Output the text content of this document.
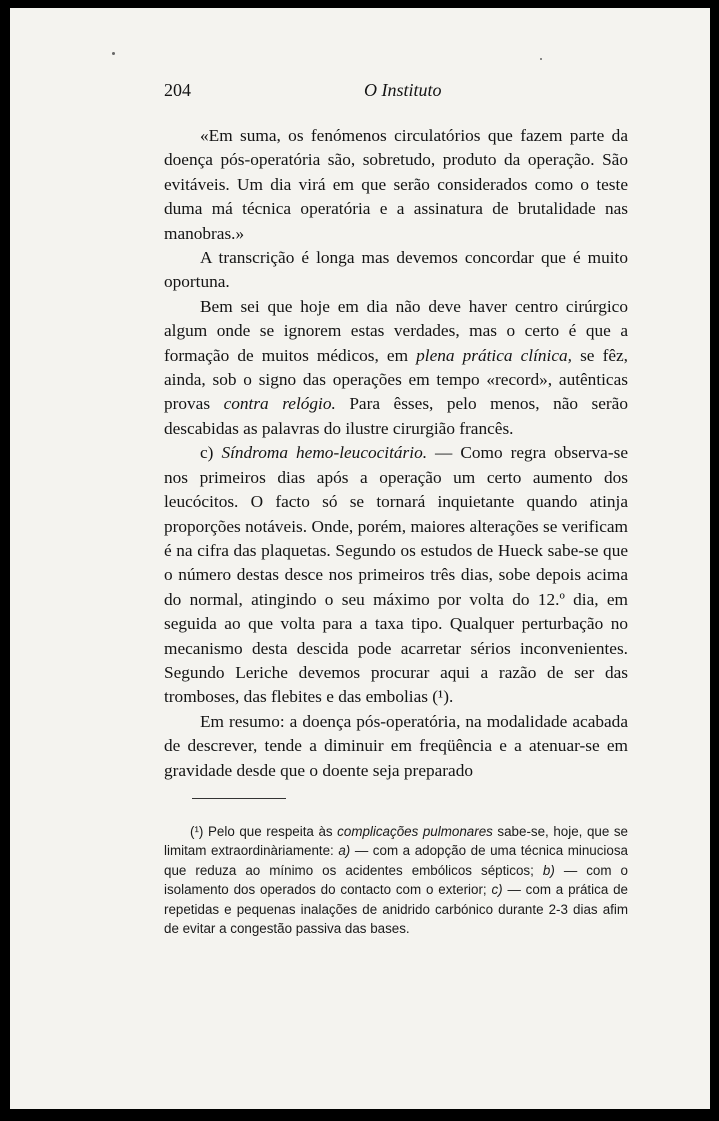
204	O Instituto

«Em suma, os fenómenos circulatórios que fazem parte da doença pós-operatória são, sobretudo, produto da operação. São evitáveis. Um dia virá em que serão considerados como o teste duma má técnica operatória e a assinatura de brutalidade nas manobras.»

A transcrição é longa mas devemos concordar que é muito oportuna.

Bem sei que hoje em dia não deve haver centro cirúrgico algum onde se ignorem estas verdades, mas o certo é que a formação de muitos médicos, em plena prática clínica, se fêz, ainda, sob o signo das operações em tempo «record», autênticas provas contra relógio. Para êsses, pelo menos, não serão descabidas as palavras do ilustre cirurgião francês.

c) Síndroma hemo-leucocitário. — Como regra observa-se nos primeiros dias após a operação um certo aumento dos leucócitos. O facto só se tornará inquietante quando atinja proporções notáveis. Onde, porém, maiores alterações se verificam é na cifra das plaquetas. Segundo os estudos de Hueck sabe-se que o número destas desce nos primeiros três dias, sobe depois acima do normal, atingindo o seu máximo por volta do 12.º dia, em seguida ao que volta para a taxa tipo. Qualquer perturbação no mecanismo desta descida pode acarretar sérios inconvenientes. Segundo Leriche devemos procurar aqui a razão de ser das tromboses, das flebites e das embolias (¹).

Em resumo: a doença pós-operatória, na modalidade acabada de descrever, tende a diminuir em freqüência e a atenuar-se em gravidade desde que o doente seja preparado

(¹) Pelo que respeita às complicações pulmonares sabe-se, hoje, que se limitam extraordinàriamente: a) — com a adopção de uma técnica minuciosa que reduza ao mínimo os acidentes embólicos sépticos; b) — com o isolamento dos operados do contacto com o exterior; c) — com a prática de repetidas e pequenas inalações de anidrido carbónico durante 2-3 dias afim de evitar a congestão passiva das bases.
